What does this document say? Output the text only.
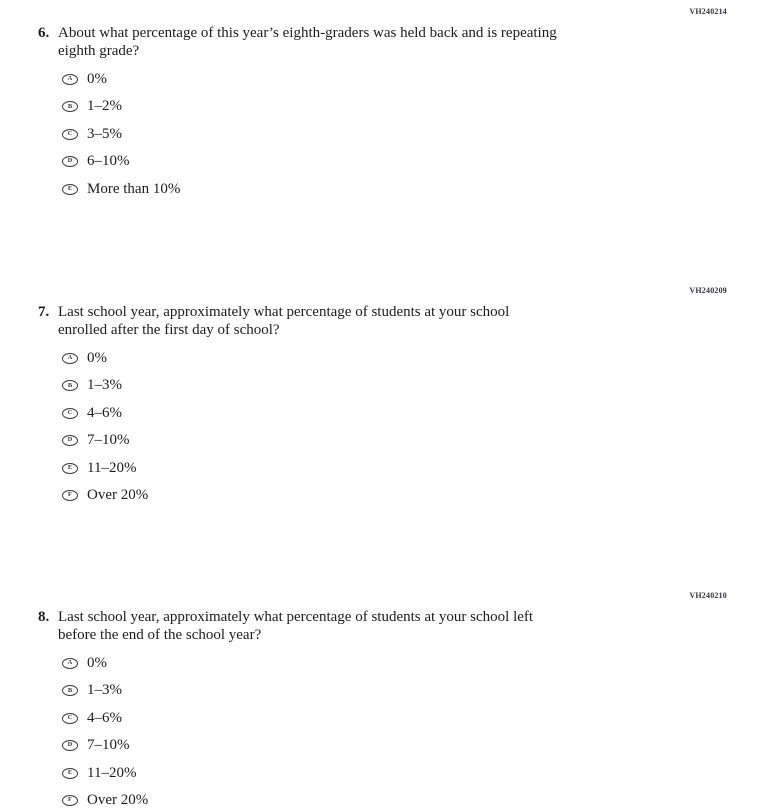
VH240214
6. About what percentage of this year’s eighth-graders was held back and is repeating
eighth grade?
A 0%
B 1–2%
C 3–5%
D 6–10%
E More than 10%
VH240209
7. Last school year, approximately what percentage of students at your school
enrolled after the first day of school?
A 0%
B 1–3%
C 4–6%
D 7–10%
E 11–20%
F Over 20%
VH240210
8. Last school year, approximately what percentage of students at your school left
before the end of the school year?
A 0%
B 1–3%
C 4–6%
D 7–10%
E 11–20%
F Over 20%
